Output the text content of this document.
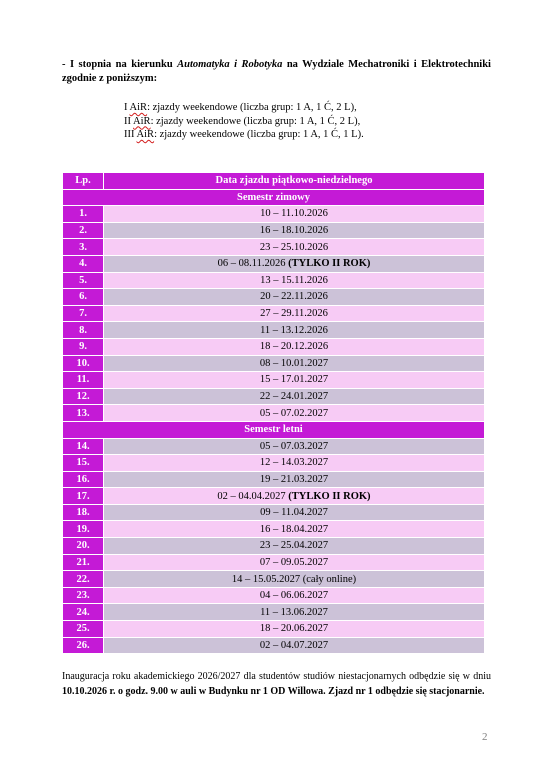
- I stopnia na kierunku Automatyka i Robotyka na Wydziale Mechatroniki i Elektrotechniki zgodnie z poniższym:
I AiR: zjazdy weekendowe (liczba grup: 1 A, 1 Ć, 2 L),
II AiR: zjazdy weekendowe (liczba grup: 1 A, 1 Ć, 2 L),
III AiR: zjazdy weekendowe (liczba grup: 1 A, 1 Ć, 1 L).
Lp.	Data zjazdu piątkowo-niedzielnego
Semestr zimowy	
1.	10 – 11.10.2026
2.	16 – 18.10.2026
3.	23 – 25.10.2026
4.	06 – 08.11.2026 (TYLKO II ROK)
5.	13 – 15.11.2026
6.	20 – 22.11.2026
7.	27 – 29.11.2026
8.	11 – 13.12.2026
9.	18 – 20.12.2026
10.	08 – 10.01.2027
11.	15 – 17.01.2027
12.	22 – 24.01.2027
13.	05 – 07.02.2027
Semestr letni	
14.	05 – 07.03.2027
15.	12 – 14.03.2027
16.	19 – 21.03.2027
17.	02 – 04.04.2027 (TYLKO II ROK)
18.	09 – 11.04.2027
19.	16 – 18.04.2027
20.	23 – 25.04.2027
21.	07 – 09.05.2027
22.	14 – 15.05.2027 (cały online)
23.	04 – 06.06.2027
24.	11 – 13.06.2027
25.	18 – 20.06.2027
26.	02 – 04.07.2027
Inauguracja roku akademickiego 2026/2027 dla studentów studiów niestacjonarnych odbędzie się w dniu 10.10.2026 r. o godz. 9.00 w auli w Budynku nr 1 OD Willowa. Zjazd nr 1 odbędzie się stacjonarnie.
2
